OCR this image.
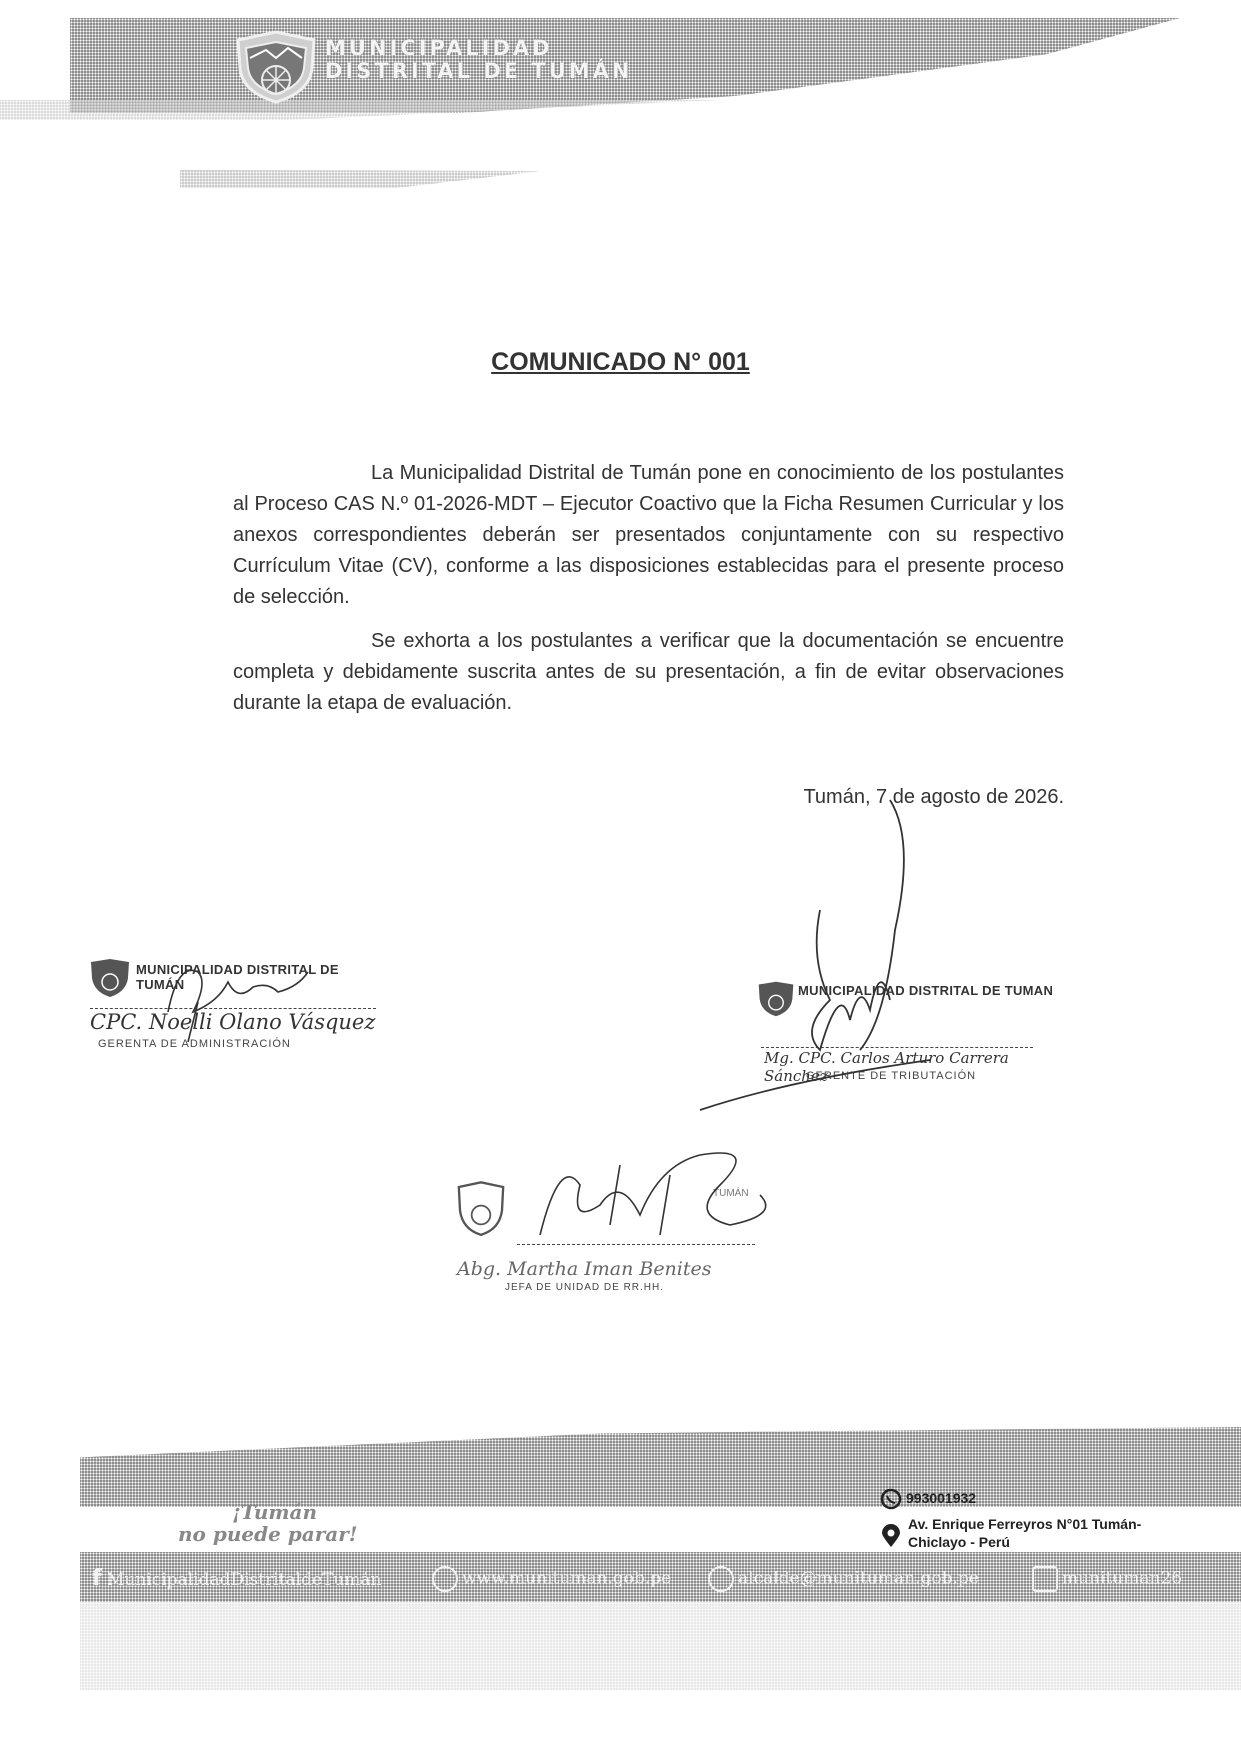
MUNICIPALIDAD
DISTRITAL DE TUMÁN
COMUNICADO N° 001
La Municipalidad Distrital de Tumán pone en conocimiento de los postulantes al Proceso CAS N.º 01-2026-MDT – Ejecutor Coactivo que la Ficha Resumen Curricular y los anexos correspondientes deberán ser presentados conjuntamente con su respectivo Currículum Vitae (CV), conforme a las disposiciones establecidas para el presente proceso de selección.
Se exhorta a los postulantes a verificar que la documentación se encuentre completa y debidamente suscrita antes de su presentación, a fin de evitar observaciones durante la etapa de evaluación.
Tumán, 7 de agosto de 2026.
MUNICIPALIDAD DISTRITAL DE TUMÁN
CPC. Noelli Olano Vásquez
GERENTA DE ADMINISTRACIÓN
MUNICIPALIDAD DISTRITAL DE TUMAN
Mg. CPC. Carlos Arturo Carrera Sánchez
GERENTE DE TRIBUTACIÓN
TUMÁN
Abg. Martha Iman Benites
JEFA DE UNIDAD DE RR.HH.
¡Tumán
no puede parar!
993001932
Av. Enrique Ferreyros N°01 Tumán-
Chiclayo - Perú
f MunicipalidadDistritaldeTumán	www.munituman.gob.pe	alcalde@munituman.gob.pe	munituman26
